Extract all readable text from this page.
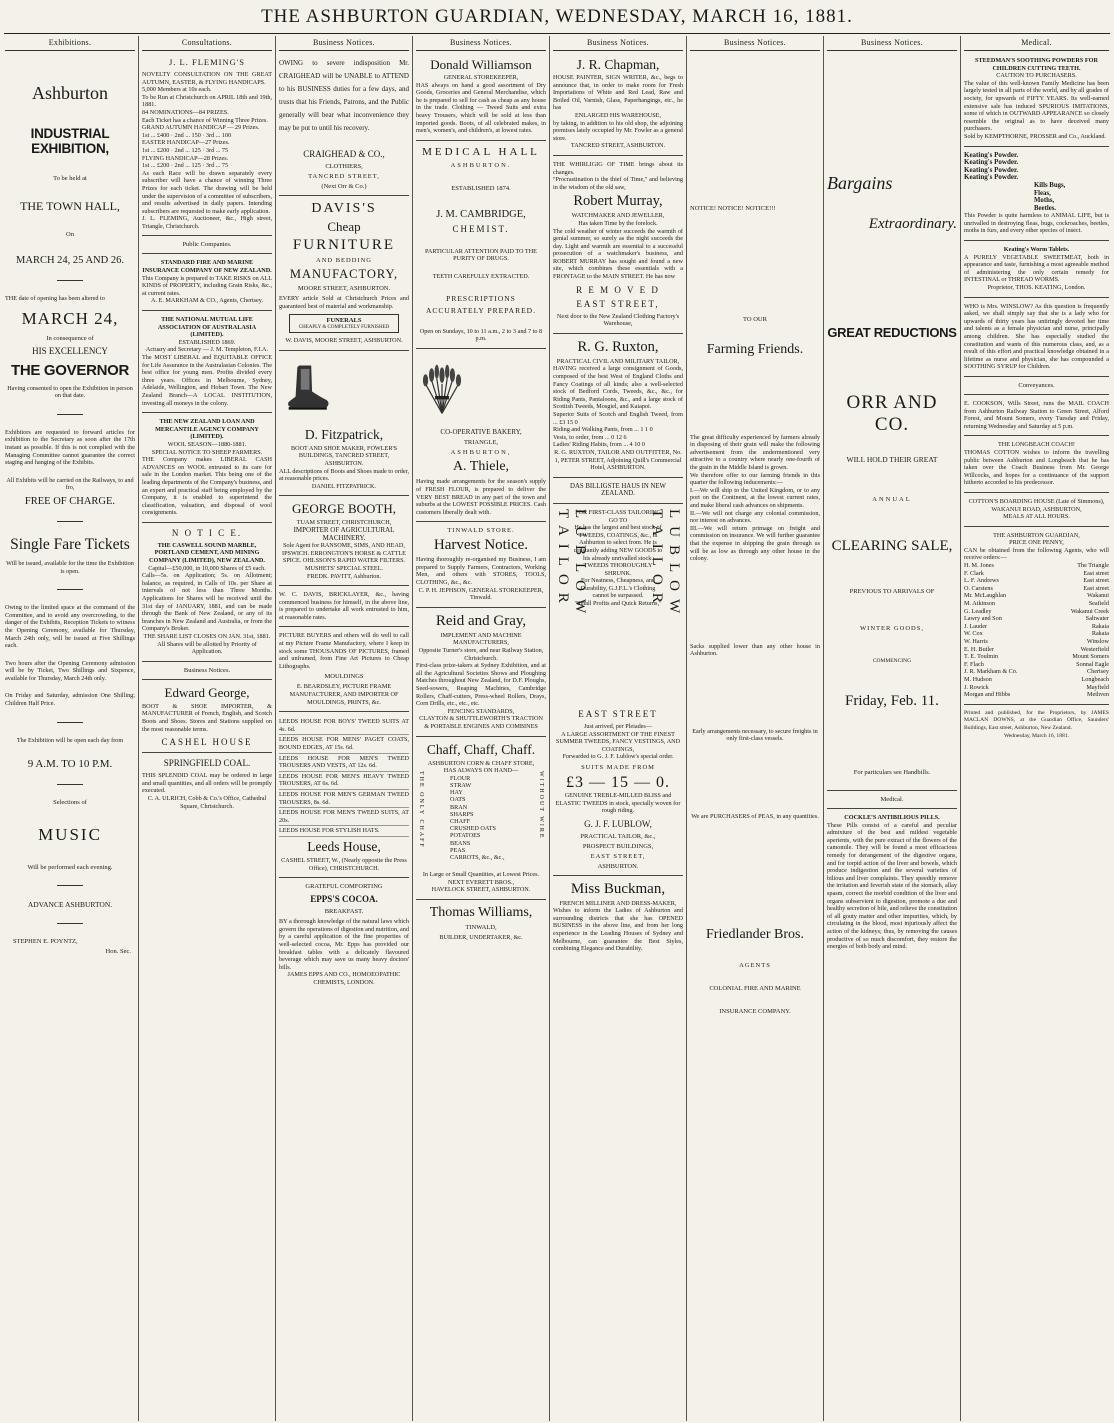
THE ASHBURTON GUARDIAN, WEDNESDAY, MARCH 16, 1881.
Exhibitions.
Ashburton
INDUSTRIAL EXHIBITION,
To be held at
THE TOWN HALL,
On
MARCH 24, 25 AND 26.
THE date of opening has been altered to
MARCH 24,
In consequence of
HIS EXCELLENCY
THE GOVERNOR
Having consented to open the Exhibition in person on that date.
Exhibitors are requested to forward articles for exhibition to the Secretary as soon after the 17th instant as possible. If this is not complied with the Managing Committee cannot guarantee the correct staging and hanging of the Exhibits.
All Exhibits will be carried on the Railways, to and fro,
FREE OF CHARGE.
Single Fare Tickets
Will be issued, available for the time the Exhibition is open.
Owing to the limited space at the command of the Committee, and to avoid any overcrowding, to the danger of the Exhibits, Reception Tickets to witness the Opening Ceremony, available for Thursday, March 24th only, will be issued at Five Shillings each.
Two hours after the Opening Ceremony admission will be by Ticket, Two Shillings and Sixpence, available for Thursday, March 24th only.
On Friday and Saturday, admission One Shilling; Children Half Price.
The Exhibition will be open each day from
9 A.M. TO 10 P.M.
Selections of
MUSIC
Will be performed each evening.
ADVANCE ASHBURTON.
STEPHEN E. POYNTZ,
Hon. Sec.
Consultations.
J. L. FLEMING'S
NOVELTY CONSULTATION ON THE GREAT AUTUMN, EASTER, & FLYING HANDICAPS.
5,000 Members at 10s each.
To be Run at Christchurch on APRIL 18th and 19th, 1881.
84 NOMINATIONS—84 PRIZES.
Each Ticket has a chance of Winning Three Prizes.
GRAND AUTUMN HANDICAP — 29 Prizes.
1st ... £400 · 2nd ... 150 · 3rd ... 100
EASTER HANDICAP—27 Prizes.
1st ... £200 · 2nd ... 125 · 3rd ... 75
FLYING HANDICAP—28 Prizes.
1st ... £200 · 2nd ... 125 · 3rd ... 75
As each Race will be drawn separately every subscriber will have a chance of winning Three Prizes for each ticket. The drawing will be held under the supervision of a committee of subscribers, and results advertised in daily papers. Intending subscribers are requested to make early application.
J. L. FLEMING, Auctioneer, &c., High street, Triangle, Christchurch.
Public Companies.
STANDARD FIRE AND MARINE INSURANCE COMPANY OF NEW ZEALAND.
This Company is prepared to TAKE RISKS on ALL KINDS of PROPERTY, including Grain Risks, &c., at current rates.
A. E. MARKHAM & CO., Agents, Chertsey.
THE NATIONAL MUTUAL LIFE ASSOCIATION OF AUSTRALASIA (LIMITED).
ESTABLISHED 1869.
Actuary and Secretary — J. M. Templeton, F.I.A.
The MOST LIBERAL and EQUITABLE OFFICE for Life Assurance in the Australasian Colonies. The best office for young men. Profits divided every three years. Offices in Melbourne, Sydney, Adelaide, Wellington, and Hobart Town. The New Zealand Branch—A LOCAL INSTITUTION, investing all moneys in the colony.
THE NEW ZEALAND LOAN AND MERCANTILE AGENCY COMPANY (LIMITED).
WOOL SEASON—1880-1881.
SPECIAL NOTICE TO SHEEP FARMERS.
THE Company makes LIBERAL CASH ADVANCES on WOOL entrusted to its care for sale in the London market. This being one of the leading departments of the Company's business, and an expert and practical staff being employed by the Company, it is enabled to superintend the classification, valuation, and disposal of wool consignments.
N O T I C E.
THE CASWELL SOUND MARBLE, PORTLAND CEMENT, AND MINING COMPANY (LIMITED), NEW ZEALAND.
Capital—£50,000, in 10,000 Shares of £5 each.
Calls—5s. on Application; 5s. on Allotment; balance, as required, in Calls of 10s. per Share at intervals of not less than Three Months. Applications for Shares will be received until the 31st day of JANUARY, 1881, and can be made through the Bank of New Zealand, or any of its branches in New Zealand and Australia, or from the Company's Broker.
THE SHARE LIST CLOSES ON JAN. 31st, 1881.
All Shares will be allotted by Priority of Application.
Business Notices.
Edward George,
BOOT & SHOE IMPORTER, & MANUFACTURER of French, English, and Scotch Boots and Shoes. Stores and Stations supplied on the most reasonable terms.
CASHEL HOUSE
SPRINGFIELD COAL.
THIS SPLENDID COAL may be ordered in large and small quantities, and all orders will be promptly executed.
C. A. ULRICH, Cobb & Co.'s Office, Cathedral Square, Christchurch.
Business Notices.
OWING to severe indisposition Mr. CRAIGHEAD will be UNABLE to ATTEND to his BUSINESS duties for a few days, and trusts that his Friends, Patrons, and the Public generally will bear what inconvenience they may be put to until his recovery.
CRAIGHEAD & CO.,
CLOTHIERS,
TANCRED STREET,
(Next Orr & Co.)
DAVIS'S
Cheap
FURNITURE
AND BEDDING
MANUFACTORY,
MOORE STREET, ASHBURTON.
EVERY article Sold at Christchurch Prices and guaranteed best of material and workmanship.
FUNERALS
CHEAPLY & COMPLETELY FURNISHED
W. DAVIS, MOORE STREET, ASHBURTON.
D. Fitzpatrick,
BOOT AND SHOE MAKER, FOWLER'S BUILDINGS, TANCRED STREET, ASHBURTON.
ALL descriptions of Boots and Shoes made to order, at reasonable prices.
DANIEL FITZPATRICK.
GEORGE BOOTH,
TUAM STREET, CHRISTCHURCH,
IMPORTER OF AGRICULTURAL MACHINERY.
Sole Agent for RANSOME, SIMS, AND HEAD, IPSWICH. ERRONGTON'S HORSE & CATTLE SPICE. OHLSSON'S RAPID WATER FILTERS. MUSHETS' SPECIAL STEEL.
FREDK. PAVITT, Ashburton.
W. C. DAVIS, BRICKLAYER, &c., having commenced business for himself, in the above line, is prepared to undertake all work entrusted to him, at reasonable rates.
PICTURE BUYERS and others will do well to call at my Picture Frame Manufactory, where I keep in stock some THOUSANDS OF PICTURES, framed and unframed, from Fine Art Pictures to Cheap Lithographs.
MOULDINGS
E. BEARDSLEY, PICTURE FRAME MANUFACTURER, AND IMPORTER OF MOULDINGS, PRINTS, &c.
LEEDS HOUSE FOR BOYS' TWEED SUITS AT 4s. 6d.
LEEDS HOUSE FOR MENS' PAGET COATS, BOUND EDGES, AT 15s. 6d.
LEEDS HOUSE FOR MEN'S TWEED TROUSERS AND VESTS, AT 12s. 6d.
LEEDS HOUSE FOR MEN'S HEAVY TWEED TROUSERS, AT 6s. 6d.
LEEDS HOUSE FOR MEN'S GERMAN TWEED TROUSERS, 8s. 6d.
LEEDS HOUSE FOR MEN'S TWEED SUITS, AT 20s.
LEEDS HOUSE FOR STYLISH HATS.
Leeds House,
CASHEL STREET, W., (Nearly opposite the Press Office), CHRISTCHURCH.
GRATEFUL COMFORTING
EPPS'S COCOA.
BREAKFAST.
BY a thorough knowledge of the natural laws which govern the operations of digestion and nutrition, and by a careful application of the fine properties of well-selected cocoa, Mr. Epps has provided our breakfast tables with a delicately flavoured beverage which may save us many heavy doctors' bills.
JAMES EPPS AND CO., HOMOEOPATHIC CHEMISTS, LONDON.
Business Notices.
Donald Williamson
GENERAL STOREKEEPER,
HAS always on hand a good assortment of Dry Goods, Groceries and General Merchandise, which he is prepared to sell for cash as cheap as any house in the trade. Clothing — Tweed Suits and extra heavy Trousers, which will be sold at less than imported goods. Boots, of all celebrated makes, in men's, women's, and children's, at lowest rates.
MEDICAL HALL
ASHBURTON.
ESTABLISHED 1874.
J. M. CAMBRIDGE,
CHEMIST.
PARTICULAR ATTENTION PAID TO THE PURITY OF DRUGS.
TEETH CAREFULLY EXTRACTED.
PRESCRIPTIONS
ACCURATELY PREPARED.
Open on Sundays, 10 to 11 a.m., 2 to 3 and 7 to 8 p.m.
CO-OPERATIVE BAKERY,
TRIANGLE,
ASHBURTON,
A. Thiele,
Having made arrangements for the season's supply of FRESH FLOUR, is prepared to deliver the VERY BEST BREAD in any part of the town and suburbs at the LOWEST POSSIBLE PRICES. Cash customers liberally dealt with.
TINWALD STORE.
Harvest Notice.
Having thoroughly re-organised my Business, I am prepared to Supply Farmers, Contractors, Working Men, and others with STORES, TOOLS, CLOTHING, &c., &c.
C. P. H. JEPHSON, GENERAL STOREKEEPER, Tinwald.
Reid and Gray,
IMPLEMENT AND MACHINE MANUFACTURERS,
Opposite Turner's store, and near Railway Station, Christchurch.
First-class prize-takers at Sydney Exhibition, and at all the Agricultural Societies Shows and Ploughing Matches throughout New Zealand, for D.F. Ploughs, Seed-sowers, Reaping Machines, Cambridge Rollers, Chaff-cutters, Press-wheel Rollers, Drays, Corn Drills, etc., etc., etc.
FENCING STANDARDS,
CLAYTON & SHUTTLEWORTH'S TRACTION & PORTABLE ENGINES AND COMBINES
Chaff, Chaff, Chaff.
ASHBURTON CORN & CHAFF STORE,
THE ONLY CHAFF	WITHOUT WIRE
HAS ALWAYS ON HAND—
FLOUR
STRAW
HAY
OATS
BRAN
SHARPS
CHAFF
CRUSHED OATS
POTATOES
BEANS
PEAS
CARROTS, &c., &c.,
In Large or Small Quantities, at Lowest Prices.
NEXT EVERETT BROS.,
HAVELOCK STREET, ASHBURTON.
Thomas Williams,
TINWALD,
BUILDER, UNDERTAKER, &c.
Business Notices.
J. R. Chapman,
HOUSE PAINTER, SIGN WRITER, &c., begs to announce that, in order to make room for Fresh Importations of White and Red Lead, Raw and Boiled Oil, Varnish, Glass, Paperhangings, etc., he has
ENLARGED HIS WAREHOUSE,
by taking, in addition to his old shop, the adjoining premises lately occupied by Mr. Fowler as a general store.
TANCRED STREET, ASHBURTON.
THE WHIRLIGIG OF TIME brings about its changes.
"Procrastination is the thief of Time," and believing in the wisdom of the old saw,
Robert Murray,
WATCHMAKER AND JEWELLER,
Has taken Time by the forelock.
The cold weather of winter succeeds the warmth of genial summer, so surely as the night succeeds the day. Light and warmth are essential to a successful prosecution of a watchmaker's business, and ROBERT MURRAY has sought and found a new site, which combines these essentials with a FRONTAGE to the MAIN STREET. He has now
R E M O V E D
EAST STREET,
Next door to the New Zealand Clothing Factory's Warehouse,
R. G. Ruxton,
PRACTICAL CIVIL AND MILITARY TAILOR,
HAVING received a large consignment of Goods, composed of the best West of England Cloths and Fancy Coatings of all kinds; also a well-selected stock of Bedford Cords, Tweeds, &c., &c., for Riding Pants, Pantaloons, &c., and a large stock of Scottish Tweeds, Mosgiel, and Kaiapoi.
Superior Suits of Scotch and English Tweed, from ... £3 15 0
Riding and Walking Pants, from ... 1 1 0
Vests, to order, from ... 0 12 6
Ladies' Riding Habits, from ... 4 10 0
R. G. RUXTON, TAILOR AND OUTFITTER, No. 1, PETER STREET, Adjoining Quill's Commercial Hotel, ASHBURTON.
DAS BILLIGSTE HAUS IN NEW ZEALAND.
LUBLOW TAILOR	LUBLOW TAILOR
FOR FIRST-CLASS TAILORING GO TO
He has the largest and best stock of TWEEDS, COATINGS, &c., in Ashburton to select from. He is constantly adding NEW GOODS to his already unrivalled stock.
TWEEDS THOROUGHLY SHRUNK.
For Neatness, Cheapness, and Durability, G.J.F.L.'s Clothing cannot be surpassed.
"Small Profits and Quick Returns,"
EAST STREET
Just arrived, per Pleiades—
A LARGE ASSORTMENT OF THE FINEST SUMMER TWEEDS, FANCY VESTINGS, AND COATINGS,
Forwarded to G. J. F. Lublow's special order.
SUITS MADE FROM
£3 — 15 — 0.
GENUINE TREBLE-MILLED BLISS and ELASTIC TWEEDS in stock, specially woven for rough riding.
G. J. F. LUBLOW,
PRACTICAL TAILOR, &c.,
PROSPECT BUILDINGS,
EAST STREET,
ASHBURTON.
Miss Buckman,
FRENCH MILLINER AND DRESS-MAKER,
Wishes to inform the Ladies of Ashburton and surrounding districts that she has OPENED BUSINESS in the above line, and from her long experience in the Leading Houses of Sydney and Melbourne, can guarantee the Best Styles, combining Elegance and Durability.
Business Notices.
NOTICE! NOTICE! NOTICE!!!
TO OUR
Farming Friends.
The great difficulty experienced by farmers already in disposing of their grain will make the following advertisement from the undermentioned very attractive to a country where nearly one-fourth of the grain in the Middle Island is grown.
We therefore offer to our farming friends in this quarter the following inducements:—
I.—We will ship to the United Kingdom, or to any port on the Continent, at the lowest current rates, and make liberal cash advances on shipments.
II.—We will not charge any colonial commission, nor interest on advances.
III.—We will return primage on freight and commission on insurance. We will further guarantee that the expense in shipping the grain through us will be as low as through any other house in the colony.
Sacks supplied lower than any other house in Ashburton.
Early arrangements necessary, to secure freights in only first-class vessels.
We are PURCHASERS of PEAS, in any quantities.
Friedlander Bros.
AGENTS
COLONIAL FIRE AND MARINE
INSURANCE COMPANY.
Business Notices.
Bargains
Extraordinary.
GREAT REDUCTIONS
ORR AND CO.
WILL HOLD THEIR GREAT
ANNUAL
CLEARING SALE,
PREVIOUS TO ARRIVALS OF
WINTER GOODS,
COMMENCING
Friday, Feb. 11.
For particulars see Handbills.
Medical.
COCKLE'S ANTIBILIOUS PILLS.
These Pills consist of a careful and peculiar admixture of the best and mildest vegetable aperients, with the pure extract of the flowers of the camomile. They will be found a most efficacious remedy for derangement of the digestive organs, and for torpid action of the liver and bowels, which produce indigestion and the several varieties of bilious and liver complaints. They speedily remove the irritation and feverish state of the stomach, allay spasm, correct the morbid condition of the liver and organs subservient to digestion, promote a due and healthy secretion of bile, and relieve the constitution of all gouty matter and other impurities, which, by circulating in the blood, most injuriously affect the action of the kidneys; thus, by removing the causes productive of so much discomfort, they restore the energies of both body and mind.
Medical.
STEEDMAN'S SOOTHING POWDERS FOR CHILDREN CUTTING TEETH.
CAUTION TO PURCHASERS.
The value of this well-known Family Medicine has been largely tested in all parts of the world, and by all grades of society, for upwards of FIFTY YEARS. Its well-earned extensive sale has induced SPURIOUS IMITATIONS, some of which in OUTWARD APPEARANCE so closely resemble the original as to have deceived many purchasers.
Sold by KEMPTHORNE, PROSSER and Co., Auckland.
Keating's Powder.
Keating's Powder.
Keating's Powder.
Keating's Powder.
Kills Bugs,
Fleas,
Moths,
Beetles.
This Powder is quite harmless to ANIMAL LIFE, but is unrivalled in destroying fleas, bugs, cockroaches, beetles, moths in furs, and every other species of insect.
Keating's Worm Tablets.
A PURELY VEGETABLE SWEETMEAT, both in appearance and taste, furnishing a most agreeable method of administering the only certain remedy for INTESTINAL or THREAD WORMS.
Proprietor, THOS. KEATING, London.
WHO is Mrs. WINSLOW? As this question is frequently asked, we shall simply say that she is a lady who for upwards of thirty years has untiringly devoted her time and talents as a female physician and nurse, principally among children. She has especially studied the constitution and wants of this numerous class, and, as a result of this effort and practical knowledge obtained in a lifetime as nurse and physician, she has compounded a SOOTHING SYRUP for Children.
Conveyances.
E. COOKSON, Wills Street, runs the MAIL COACH from Ashburton Railway Station to Green Street, Alford Forest, and Mount Somers, every Tuesday and Friday, returning Wednesday and Saturday at 5 p.m.
THE LONGBEACH COACH!
THOMAS COTTON wishes to inform the travelling public between Ashburton and Longbeach that he has taken over the Coach Business from Mr. George Willcocks, and hopes for a continuance of the support hitherto accorded to his predecessor.
COTTON'S BOARDING HOUSE (Late of Simmons), WAKANUI ROAD, ASHBURTON,
MEALS AT ALL HOURS.
THE ASHBURTON GUARDIAN,
PRICE ONE PENNY,
CAN be obtained from the following Agents, who will receive orders:—
H. M. Jones	The Triangle
F. Clark	East street
L. F. Andrews	East street
O. Carstens	East street
Mr. McLaughlan	Wakanui
M. Atkinson	Seafield
G. Leadley	Wakanui Creek
Lawry and Son	Saltwater
J. Lauder	Rakaia
W. Cox	Rakaia
W. Harris	Winslow
E. H. Butler	Westerfield
T. E. Toulmin	Mount Somers
F. Flach	Sonnal Eagle
J. R. Markham & Co.	Chertsey
M. Hudson	Longbeach
J. Rowick	Mayfield
Morgan and Hibbs	Methven
Printed and published, for the Proprietors, by JAMES MACLAN DOWNS, at the Guardian Office, Saunders' Buildings, East street, Ashburton, New Zealand.
Wednesday, March 16, 1881.
